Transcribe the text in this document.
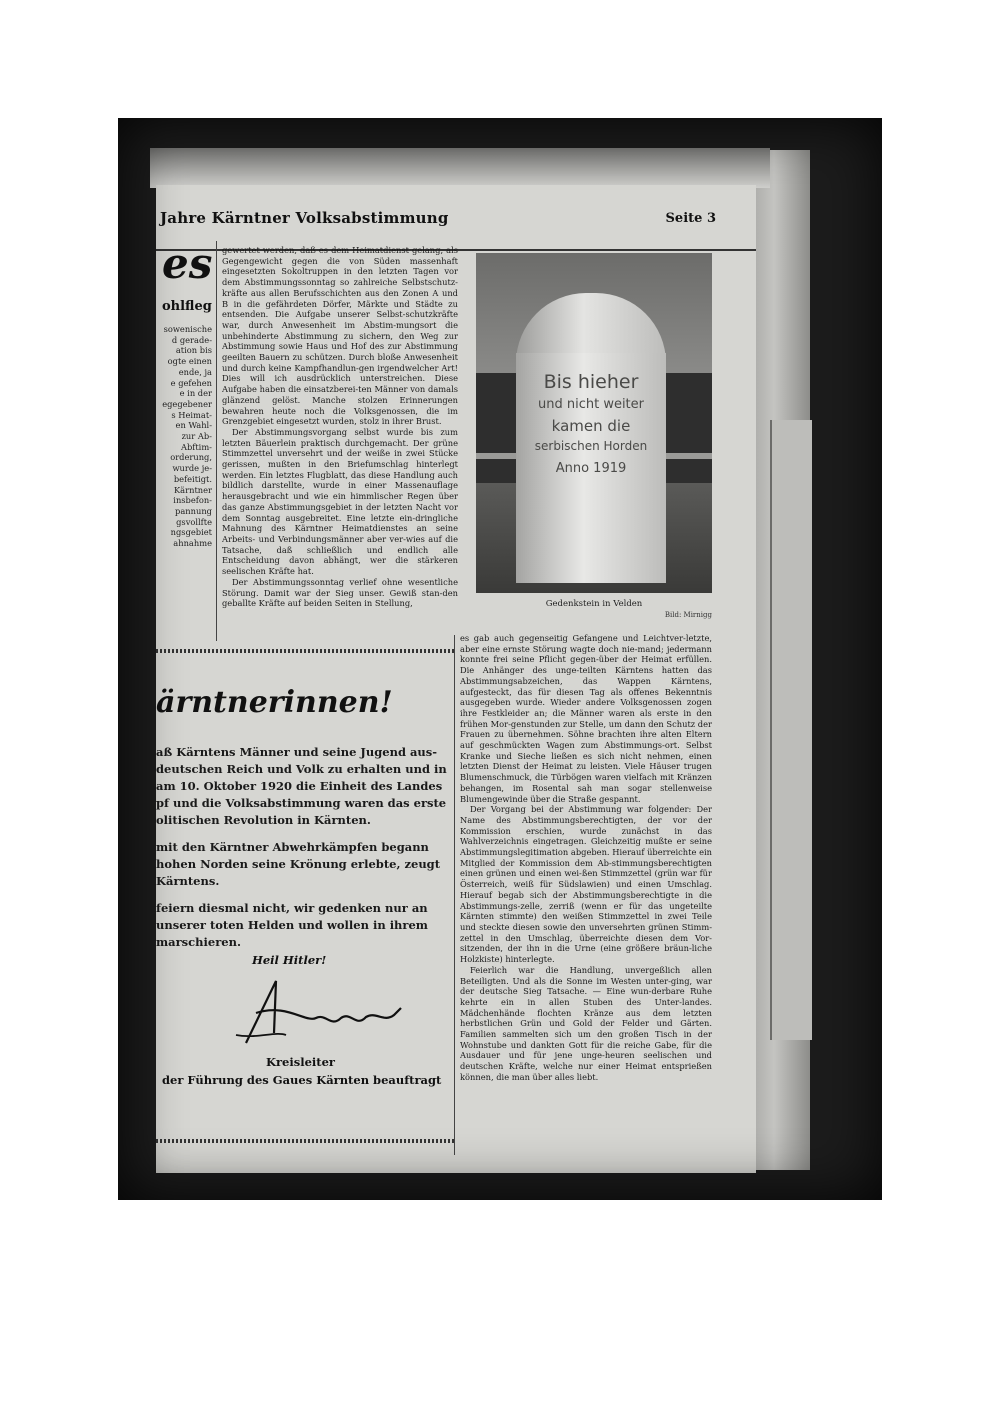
Jahre Kärntner Volksabstimmung	Seite 3
es
ohlfleg
sowenische
d gerade-
ation bis
ogte einen
ende, ja
e gefehen
e in der
egegebener
s Heimat-
en Wahl-
zur Ab-
Abftim-
orderung,
wurde je-
befeitigt.
Kärntner
insbefon-
pannung
gsvollfte
ngsgebiet
ahnahme

gewertet werden, daß es dem Heimatdienst gelang, als Gegengewicht gegen die von Süden massenhaft eingesetzten Sokoltruppen in den letzten Tagen vor dem Abstimmungssonntag so zahlreiche Selbstschutz-kräfte aus allen Berufsschichten aus den Zonen A und B in die gefährdeten Dörfer, Märkte und Städte zu entsenden. Die Aufgabe unserer Selbst-schutzkräfte war, durch Anwesenheit im Abstim-mungsort die unbehinderte Abstimmung zu sichern, den Weg zur Abstimmung sowie Haus und Hof des zur Abstimmung geeilten Bauern zu schützen. Durch bloße Anwesenheit und durch keine Kampfhandlun-gen irgendwelcher Art! Dies will ich ausdrücklich unterstreichen. Diese Aufgabe haben die einsatzberei-ten Männer von damals glänzend gelöst. Manche stolzen Erinnerungen bewahren heute noch die Volksgenossen, die im Grenzgebiet eingesetzt wurden, stolz in ihrer Brust.

Der Abstimmungsvorgang selbst wurde bis zum letzten Bäuerlein praktisch durchgemacht. Der grüne Stimmzettel unversehrt und der weiße in zwei Stücke gerissen, mußten in den Briefumschlag hinterlegt werden. Ein letztes Flugblatt, das diese Handlung auch bildlich darstellte, wurde in einer Massenauflage herausgebracht und wie ein himmlischer Regen über das ganze Abstimmungsgebiet in der letzten Nacht vor dem Sonntag ausgebreitet. Eine letzte ein-dringliche Mahnung des Kärntner Heimatdienstes an seine Arbeits- und Verbindungsmänner aber ver-wies auf die Tatsache, daß schließlich und endlich alle Entscheidung davon abhängt, wer die stärkeren seelischen Kräfte hat.

Der Abstimmungssonntag verlief ohne wesentliche Störung. Damit war der Sieg unser. Gewiß stan-den geballte Kräfte auf beiden Seiten in Stellung,

Bis hieher
und nicht weiter
kamen die
serbischen Horden
Anno 1919
Gedenkstein in Velden
Bild: Mirnigg
ärntnerinnen!
aß Kärntens Männer und seine Jugend aus-
deutschen Reich und Volk zu erhalten und in
am 10. Oktober 1920 die Einheit des Landes
pf und die Volksabstimmung waren das erste
olitischen Revolution in Kärnten.
mit den Kärntner Abwehrkämpfen begann
hohen Norden seine Krönung erlebte, zeugt
Kärntens.
feiern diesmal nicht, wir gedenken nur an
unserer toten Helden und wollen in ihrem
marschieren.
Heil Hitler!
Kreisleiter
der Führung des Gaues Kärnten beauftragt

es gab auch gegenseitig Gefangene und Leichtver-letzte, aber eine ernste Störung wagte doch nie-mand; jedermann konnte frei seine Pflicht gegen-über der Heimat erfüllen. Die Anhänger des unge-teilten Kärntens hatten das Abstimmungsabzeichen, das Wappen Kärntens, aufgesteckt, das für diesen Tag als offenes Bekenntnis ausgegeben wurde. Wieder andere Volksgenossen zogen ihre Festkleider an; die Männer waren als erste in den frühen Mor-genstunden zur Stelle, um dann den Schutz der Frauen zu übernehmen. Söhne brachten ihre alten Eltern auf geschmückten Wagen zum Abstimmungs-ort. Selbst Kranke und Sieche ließen es sich nicht nehmen, einen letzten Dienst der Heimat zu leisten. Viele Häuser trugen Blumenschmuck, die Türbögen waren vielfach mit Kränzen behangen, im Rosental sah man sogar stellenweise Blumengewinde über die Straße gespannt.

Der Vorgang bei der Abstimmung war folgender: Der Name des Abstimmungsberechtigten, der vor der Kommission erschien, wurde zunächst in das Wahlverzeichnis eingetragen. Gleichzeitig mußte er seine Abstimmungslegitimation abgeben. Hierauf überreichte ein Mitglied der Kommission dem Ab-stimmungsberechtigten einen grünen und einen wei-ßen Stimmzettel (grün war für Österreich, weiß für Südslawien) und einen Umschlag. Hierauf begab sich der Abstimmungsberechtigte in die Abstimmungs-zelle, zerriß (wenn er für das ungeteilte Kärnten stimmte) den weißen Stimmzettel in zwei Teile und steckte diesen sowie den unversehrten grünen Stimm-zettel in den Umschlag, überreichte diesen dem Vor-sitzenden, der ihn in die Urne (eine größere bräun-liche Holzkiste) hinterlegte.

Feierlich war die Handlung, unvergeßlich allen Beteiligten. Und als die Sonne im Westen unter-ging, war der deutsche Sieg Tatsache. — Eine wun-derbare Ruhe kehrte ein in allen Stuben des Unter-landes. Mädchenhände flochten Kränze aus dem letzten herbstlichen Grün und Gold der Felder und Gärten. Familien sammelten sich um den großen Tisch in der Wohnstube und dankten Gott für die reiche Gabe, für die Ausdauer und für jene unge-heuren seelischen und deutschen Kräfte, welche nur einer Heimat entsprießen können, die man über alles liebt.
